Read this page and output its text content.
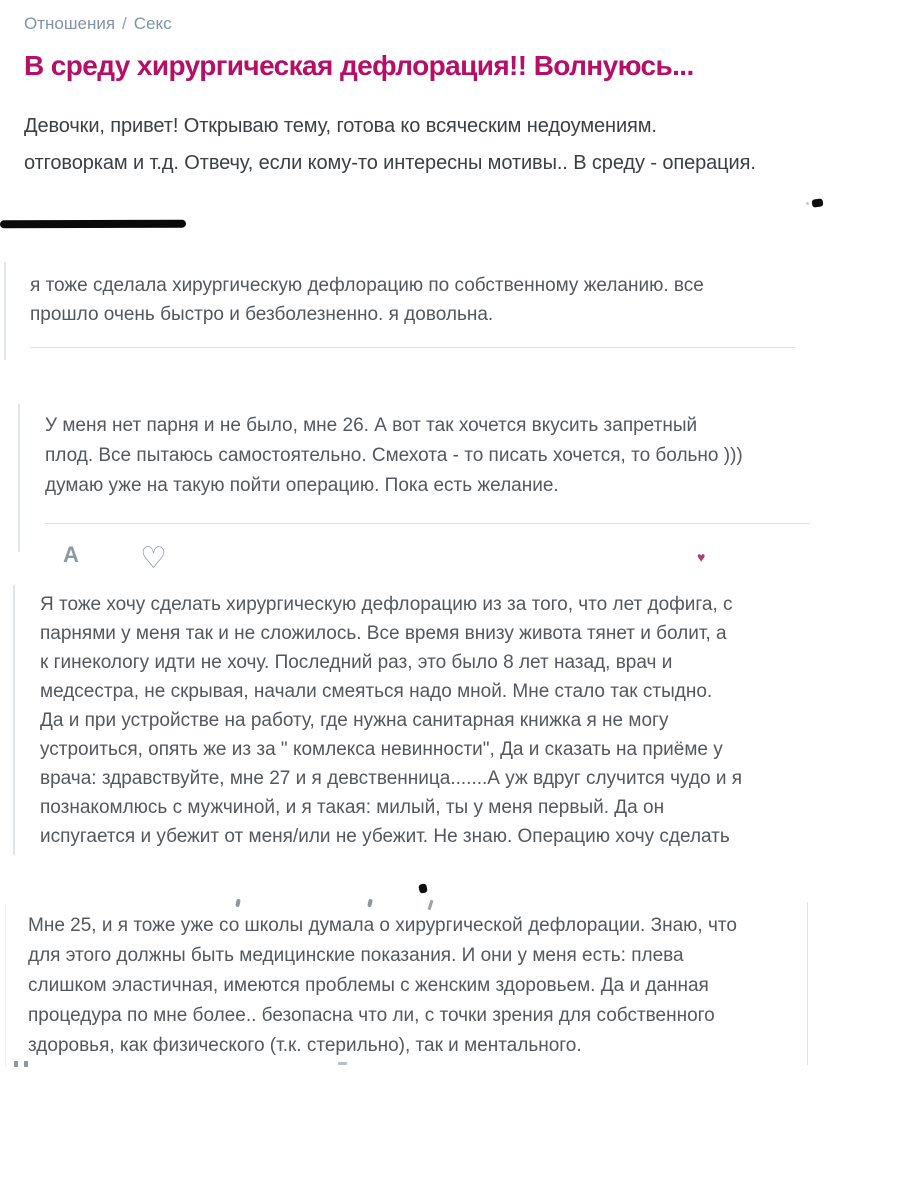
Отношения / Секс
В среду хирургическая дефлорация!! Волнуюсь...
Девочки, привет! Открываю тему, готова ко всяческим недоумениям.
отговоркам и т.д. Отвечу, если кому-то интересны мотивы.. В среду - операция.
я тоже сделала хирургическую дефлорацию по собственному желанию. все
прошло очень быстро и безболезненно. я довольна.
У меня нет парня и не было, мне 26. А вот так хочется вкусить запретный
плод. Все пытаюсь самостоятельно. Смехота - то писать хочется, то больно )))
думаю уже на такую пойти операцию. Пока есть желание.
А ♡	♥
Я тоже хочу сделать хирургическую дефлорацию из за того, что лет дофига, с
парнями у меня так и не сложилось. Все время внизу живота тянет и болит, а
к гинекологу идти не хочу. Последний раз, это было 8 лет назад, врач и
медсестра, не скрывая, начали смеяться надо мной. Мне стало так стыдно.
Да и при устройстве на работу, где нужна санитарная книжка я не могу
устроиться, опять же из за " комлекса невинности", Да и сказать на приёме у
врача: здравствуйте, мне 27 и я девственница.......А уж вдруг случится чудо и я
познакомлюсь с мужчиной, и я такая: милый, ты у меня первый. Да он
испугается и убежит от меня/или не убежит. Не знаю. Операцию хочу сделать
Мне 25, и я тоже уже со школы думала о хирургической дефлорации. Знаю, что
для этого должны быть медицинские показания. И они у меня есть: плева
слишком эластичная, имеются проблемы с женским здоровьем. Да и данная
процедура по мне более.. безопасна что ли, с точки зрения для собственного
здоровья, как физического (т.к. стерильно), так и ментального.
